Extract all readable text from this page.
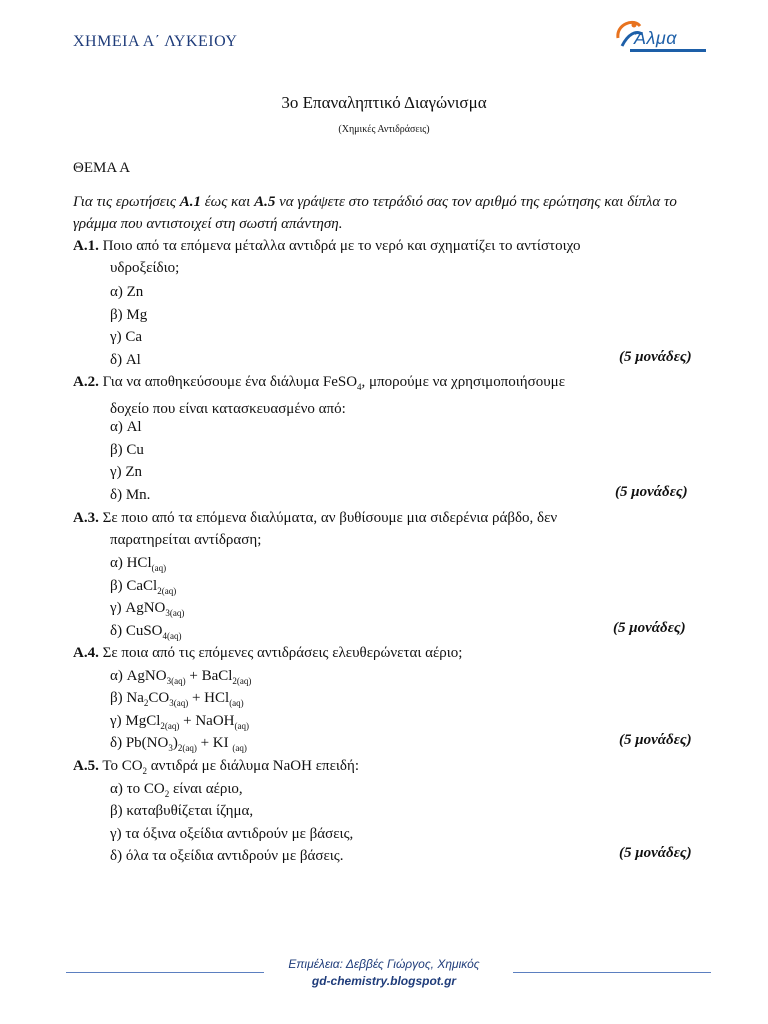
ΧΗΜΕΙΑ Α΄ ΛΥΚΕΙΟΥ	Άλμα
3ο Επαναληπτικό Διαγώνισμα
(Χημικές Αντιδράσεις)
ΘΕΜΑ Α
Για τις ερωτήσεις Α.1 έως και Α.5 να γράψετε στο τετράδιό σας τον αριθμό της ερώτησης και δίπλα το γράμμα που αντιστοιχεί στη σωστή απάντηση.
Α.1. Ποιο από τα επόμενα μέταλλα αντιδρά με το νερό και σχηματίζει το αντίστοιχο
υδροξείδιο;
α) Zn
β) Mg
γ) Ca
δ) Al	(5 μονάδες)
Α.2. Για να αποθηκεύσουμε ένα διάλυμα FeSO$_4$, μπορούμε να χρησιμοποιήσουμε
δοχείο που είναι κατασκευασμένο από:
α) Al
β) Cu
γ) Zn
δ) Mn.	(5 μονάδες)
Α.3. Σε ποιο από τα επόμενα διαλύματα, αν βυθίσουμε μια σιδερένια ράβδο, δεν
παρατηρείται αντίδραση;
α) HCl$_{(aq)}$
β) CaCl$_{2(aq)}$
γ) AgNO$_{3(aq)}$
δ) CuSO$_{4(aq)}$	(5 μονάδες)
Α.4. Σε ποια από τις επόμενες αντιδράσεις ελευθερώνεται αέριο;
α) AgNO$_{3(aq)}$ + BaCl$_{2(aq)}$
β) $Na_2CO_{3(aq)} + HCl_{(aq)}$
γ) MgCl$_{2(aq)}$ + NaOH$_{(aq)}$
δ) $Pb(NO_3)_{2(aq)}$ + KI $_{(aq)}$	(5 μονάδες)
Α.5. Το $CO_2$ αντιδρά με διάλυμα NaOH επειδή:
α) το $CO_2$ είναι αέριο,
β) καταβυθίζεται ίζημα,
γ) τα όξινα οξείδια αντιδρούν με βάσεις,
δ) όλα τα οξείδια αντιδρούν με βάσεις.	(5 μονάδες)
Επιμέλεια: Δεββές Γιώργος, Χημικός
gd-chemistry.blogspot.gr
